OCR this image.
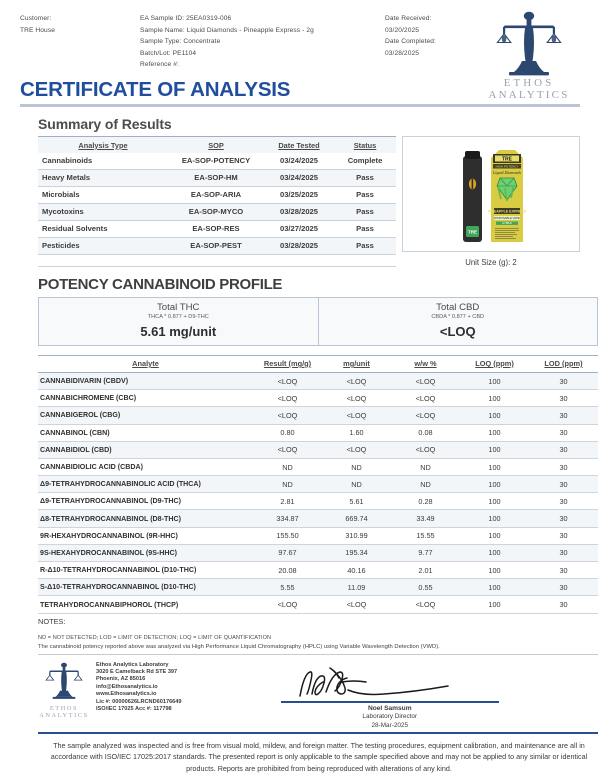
Customer:
TRE House
EA Sample ID: 25EA0319-006
Sample Name: Liquid Diamonds - Pineapple Express - 2g
Sample Type: Concentrate
Batch/Lot: PE1104
Reference #:
Date Received:
03/20/2025
Date Completed:
03/28/2025
ETHOS
ANALYTICS
CERTIFICATE OF ANALYSIS
Summary of Results
Analysis Type	SOP	Date Tested	Status
Cannabinoids	EA-SOP-POTENCY	03/24/2025	Complete
Heavy Metals	EA-SOP-HM	03/24/2025	Pass
Microbials	EA-SOP-ARIA	03/25/2025	Pass
Mycotoxins	EA-SOP-MYCO	03/28/2025	Pass
Residual Solvents	EA-SOP-RES	03/27/2025	Pass
Pesticides	EA-SOP-PEST	03/28/2025	Pass

TRE
TRE
HIGH POTENCY
Liquid Diamonds
PINEAPPLE EXPRESS
DISPOSABLE VAPE
HYBRID
Unit Size (g): 2
POTENCY CANNABINOID PROFILE
Total THC
THCA * 0.877 + D9-THC
5.61 mg/unit
Total CBD
CBDA * 0.877 + CBD
<LOQ
Analyte	Result (mg/g)	mg/unit	w/w %	LOQ (ppm)	LOD (ppm)
CANNABIDIVARIN (CBDV)	<LOQ	<LOQ	<LOQ	100	30
CANNABICHROMENE (CBC)	<LOQ	<LOQ	<LOQ	100	30
CANNABIGEROL (CBG)	<LOQ	<LOQ	<LOQ	100	30
CANNABINOL (CBN)	0.80	1.60	0.08	100	30
CANNABIDIOL (CBD)	<LOQ	<LOQ	<LOQ	100	30
CANNABIDIOLIC ACID (CBDA)	ND	ND	ND	100	30
Δ9-TETRAHYDROCANNABINOLIC ACID (THCA)	ND	ND	ND	100	30
Δ9-TETRAHYDROCANNABINOL (D9-THC)	2.81	5.61	0.28	100	30
Δ8-TETRAHYDROCANNABINOL (D8-THC)	334.87	669.74	33.49	100	30
9R-HEXAHYDROCANNABINOL (9R-HHC)	155.50	310.99	15.55	100	30
9S-HEXAHYDROCANNABINOL (9S-HHC)	97.67	195.34	9.77	100	30
R-Δ10-TETRAHYDROCANNABINOL (D10-THC)	20.08	40.16	2.01	100	30
S-Δ10-TETRAHYDROCANNABINOL (D10-THC)	5.55	11.09	0.55	100	30
TETRAHYDROCANNABIPHOROL (THCP)	<LOQ	<LOQ	<LOQ	100	30
NOTES:
ND = NOT DETECTED; LOD = LIMIT OF DETECTION; LOQ = LIMIT OF QUANTIFICATION
The cannabinoid potency reported above was analyzed via High Performance Liquid Chromatography (HPLC) using Variable Wavelength Detection (VWD).
ETHOS
ANALYTICS
Ethos Analytics Laboratory
3020 E Camelback Rd STE 397
Phoenix, AZ 85016
info@Ethosanalytics.io
www.Ethosanalytics.io
Lic #: 00000626LRCND60176649
ISO/IEC 17025 Acc #: 117798	Noel Samsum
Laboratory Director
28-Mar-2025
The sample analyzed was inspected and is free from visual mold, mildew, and foreign matter. The testing procedures, equipment calibration, and maintenance are all in accordance with ISO/IEC 17025:2017 standards. The presented report is only applicable to the sample specified above and may not be applied to any similar or identical products. Reports are prohibited from being reproduced with alterations of any kind.
